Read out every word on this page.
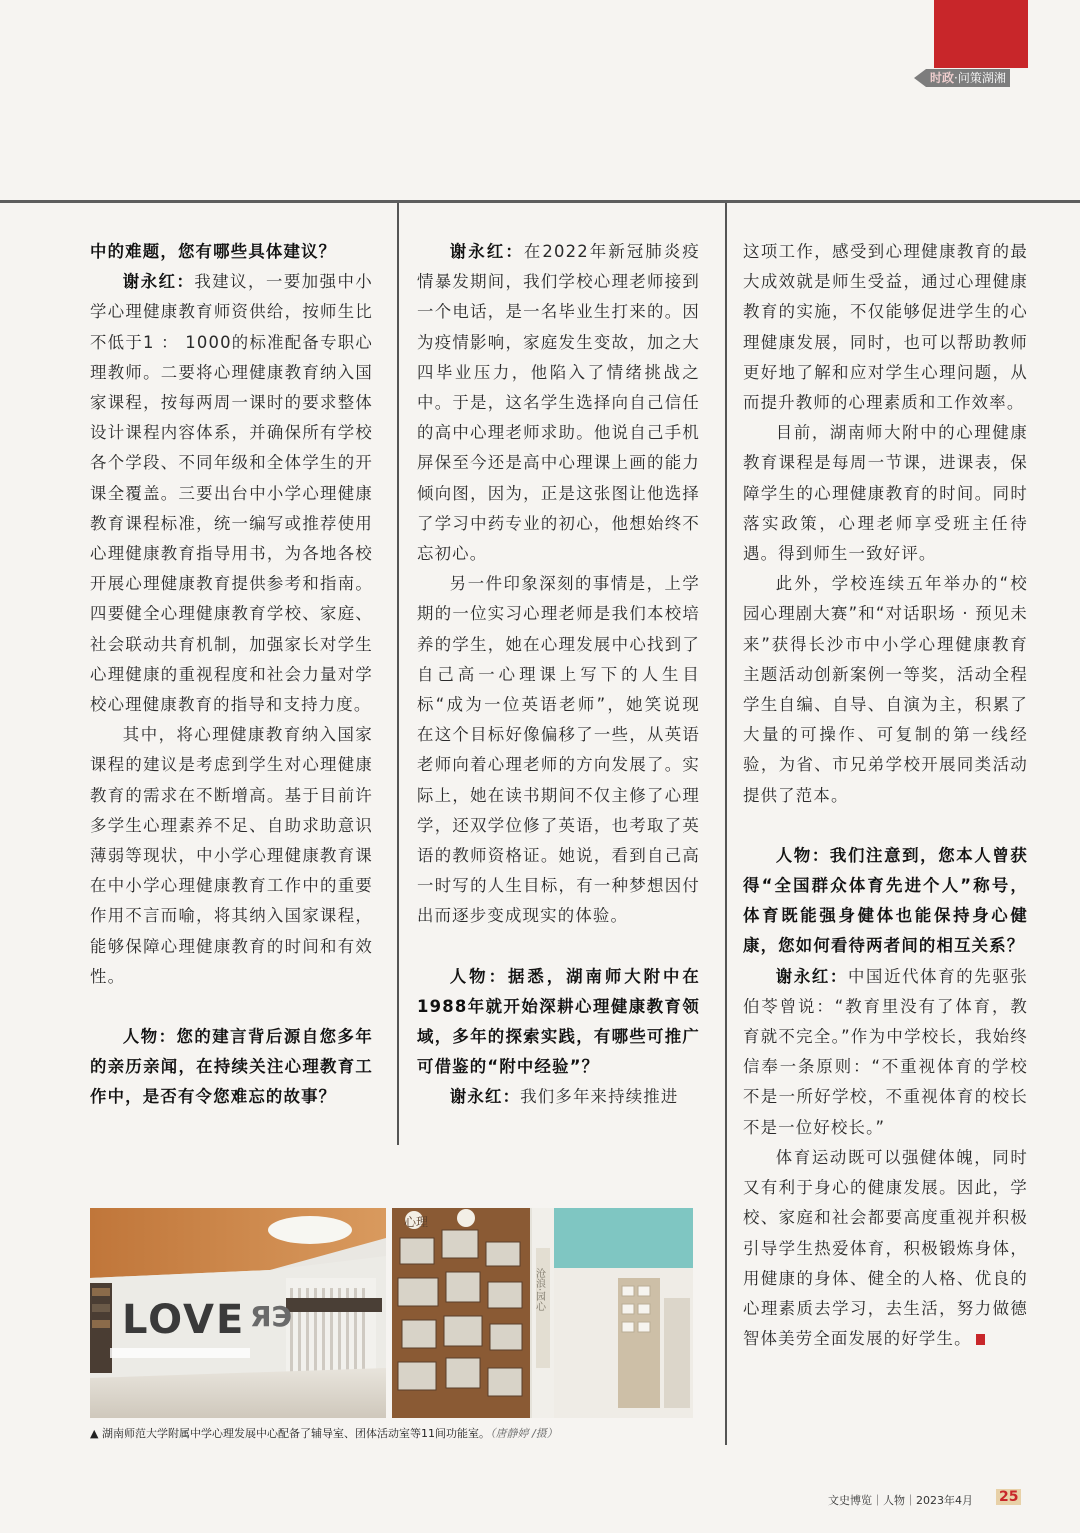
时政·问策湖湘
中的难题，您有哪些具体建议？

谢永红：我建议，一要加强中小学心理健康教育师资供给，按师生比不低于1 ： 1000的标准配备专职心理教师。二要将心理健康教育纳入国家课程，按每两周一课时的要求整体设计课程内容体系，并确保所有学校各个学段、不同年级和全体学生的开课全覆盖。三要出台中小学心理健康教育课程标准，统一编写或推荐使用心理健康教育指导用书，为各地各校开展心理健康教育提供参考和指南。四要健全心理健康教育学校、家庭、社会联动共育机制，加强家长对学生心理健康的重视程度和社会力量对学校心理健康教育的指导和支持力度。

其中，将心理健康教育纳入国家课程的建议是考虑到学生对心理健康教育的需求在不断增高。基于目前许多学生心理素养不足、自助求助意识薄弱等现状，中小学心理健康教育课在中小学心理健康教育工作中的重要作用不言而喻，将其纳入国家课程，能够保障心理健康教育的时间和有效性。

人物：您的建言背后源自您多年的亲历亲闻，在持续关注心理教育工作中，是否有令您难忘的故事？

谢永红：在2022年新冠肺炎疫情暴发期间，我们学校心理老师接到一个电话，是一名毕业生打来的。因为疫情影响，家庭发生变故，加之大四毕业压力，他陷入了情绪挑战之中。于是，这名学生选择向自己信任的高中心理老师求助。他说自己手机屏保至今还是高中心理课上画的能力倾向图，因为，正是这张图让他选择了学习中药专业的初心，他想始终不忘初心。

另一件印象深刻的事情是，上学期的一位实习心理老师是我们本校培养的学生，她在心理发展中心找到了自己高一心理课上写下的人生目标“成为一位英语老师”，她笑说现在这个目标好像偏移了一些，从英语老师向着心理老师的方向发展了。实际上，她在读书期间不仅主修了心理学，还双学位修了英语，也考取了英语的教师资格证。她说，看到自己高一时写的人生目标，有一种梦想因付出而逐步变成现实的体验。

人物：据悉，湖南师大附中在1988年就开始深耕心理健康教育领域，多年的探索实践，有哪些可推广可借鉴的“附中经验”？

谢永红：我们多年来持续推进

这项工作，感受到心理健康教育的最大成效就是师生受益，通过心理健康教育的实施，不仅能够促进学生的心理健康发展，同时，也可以帮助教师更好地了解和应对学生心理问题，从而提升教师的心理素质和工作效率。

目前，湖南师大附中的心理健康教育课程是每周一节课，进课表，保障学生的心理健康教育的时间。同时落实政策，心理老师享受班主任待遇。得到师生一致好评。

此外，学校连续五年举办的“校园心理剧大赛”和“对话职场 · 预见未来”获得长沙市中小学心理健康教育主题活动创新案例一等奖，活动全程学生自编、自导、自演为主，积累了大量的可操作、可复制的第一线经验，为省、市兄弟学校开展同类活动提供了范本。

人物：我们注意到，您本人曾获得“全国群众体育先进个人”称号，体育既能强身健体也能保持身心健康，您如何看待两者间的相互关系？

谢永红：中国近代体育的先驱张伯苓曾说：“教育里没有了体育，教育就不完全。”作为中学校长，我始终信奉一条原则：“不重视体育的学校不是一所好学校，不重视体育的校长不是一位好校长。”

体育运动既可以强健体魄，同时又有利于身心的健康发展。因此，学校、家庭和社会都要高度重视并积极引导学生热爱体育，积极锻炼身体，用健康的身体、健全的人格、优良的心理素质去学习，去生活，努力做德智体美劳全面发展的好学生。

LOVE ЯЭ
心理
沧浪·园心
▲ 湖南师范大学附属中学心理发展中心配备了辅导室、团体活动室等11间功能室。（唐静婷 /摄）
文史博览｜人物｜2023年4月 25
